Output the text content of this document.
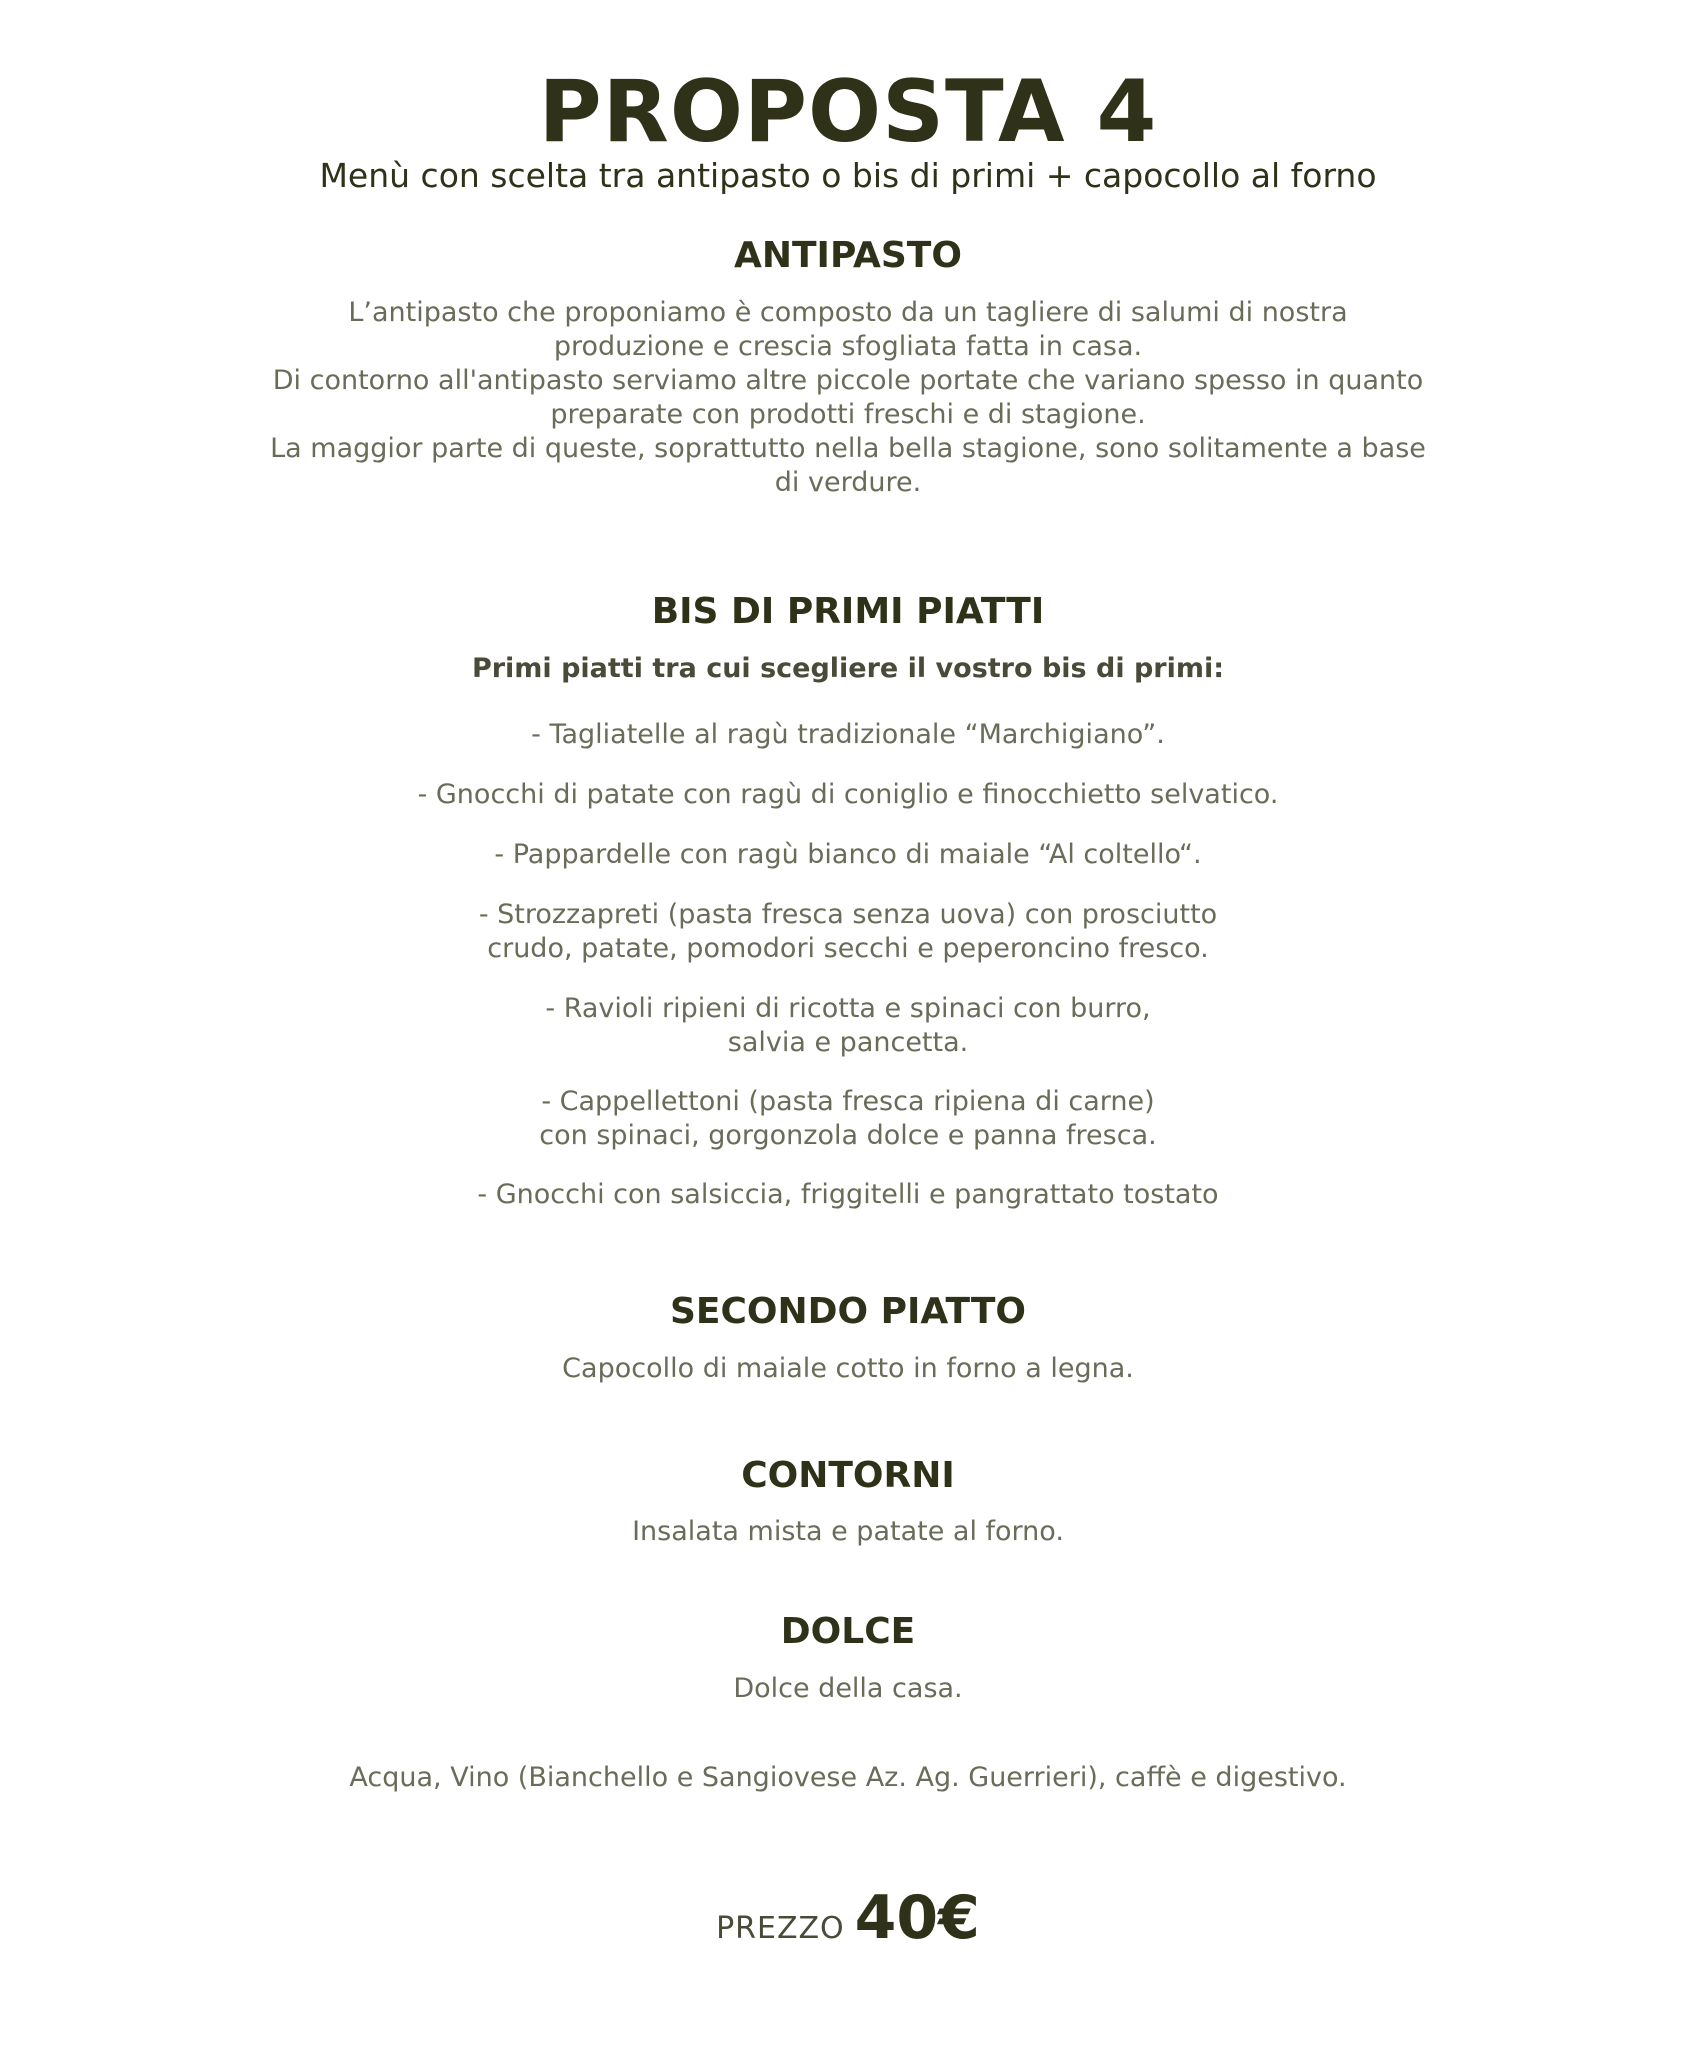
PROPOSTA 4
Menù con scelta tra antipasto o bis di primi + capocollo al forno
ANTIPASTO
L’antipasto che proponiamo è composto da un tagliere di salumi di nostra
produzione e crescia sfogliata fatta in casa.
Di contorno all'antipasto serviamo altre piccole portate che variano spesso in quanto
preparate con prodotti freschi e di stagione.
La maggior parte di queste, soprattutto nella bella stagione, sono solitamente a base
di verdure.
BIS DI PRIMI PIATTI
Primi piatti tra cui scegliere il vostro bis di primi:
- Tagliatelle al ragù tradizionale “Marchigiano”.
- Gnocchi di patate con ragù di coniglio e finocchietto selvatico.
- Pappardelle con ragù bianco di maiale “Al coltello“.
- Strozzapreti (pasta fresca senza uova) con prosciutto
crudo, patate, pomodori secchi e peperoncino fresco.
- Ravioli ripieni di ricotta e spinaci con burro,
salvia e pancetta.
- Cappellettoni (pasta fresca ripiena di carne)
con spinaci, gorgonzola dolce e panna fresca.
- Gnocchi con salsiccia, friggitelli e pangrattato tostato
SECONDO PIATTO
Capocollo di maiale cotto in forno a legna.
CONTORNI
Insalata mista e patate al forno.
DOLCE
Dolce della casa.
Acqua, Vino (Bianchello e Sangiovese Az. Ag. Guerrieri), caffè e digestivo.
PREZZO 40€
